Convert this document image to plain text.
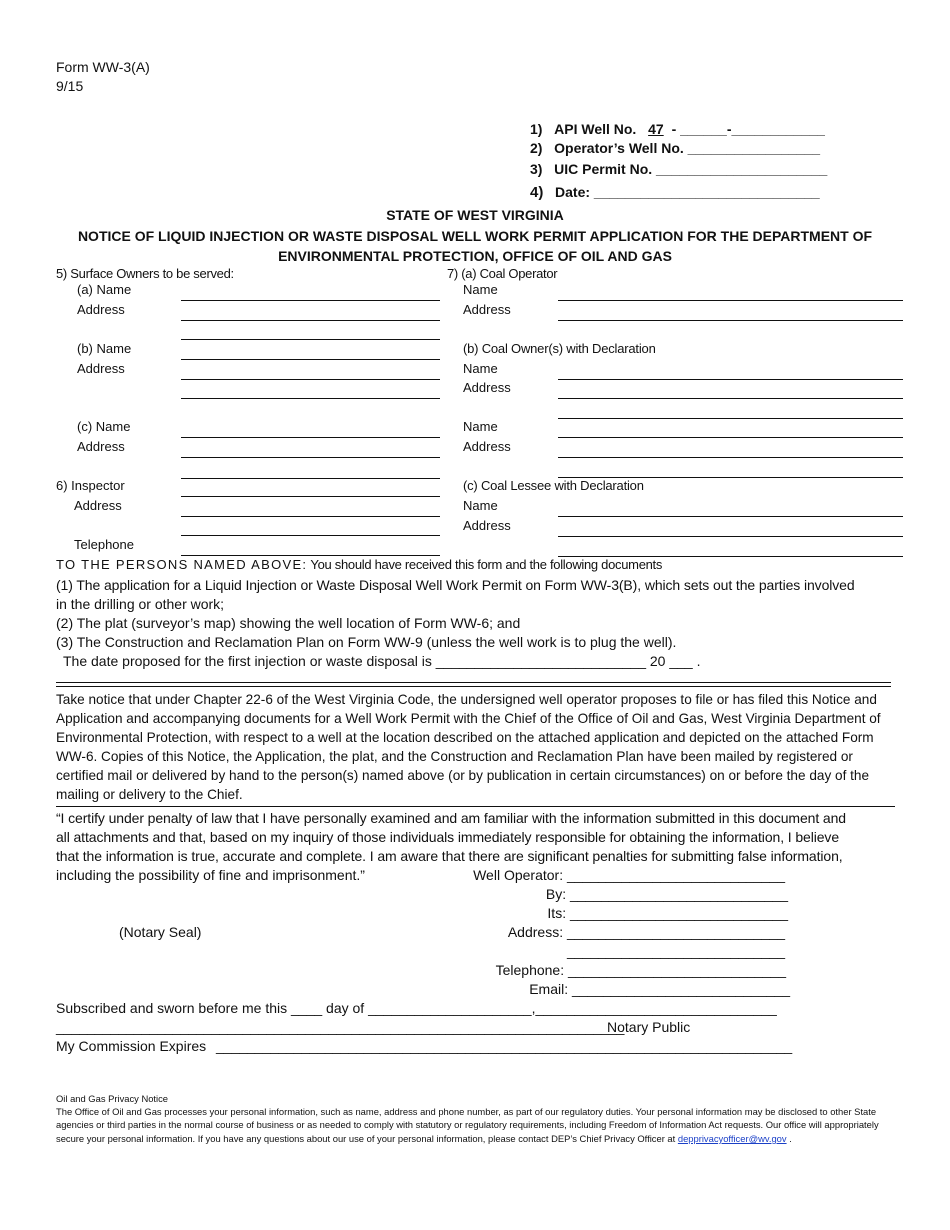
Form WW-3(A)
9/15
1) API Well No. 47 - ______-____________
2) Operator’s Well No. _________________
3) UIC Permit No. ______________________
4) Date: _____________________________
STATE OF WEST VIRGINIA
NOTICE OF LIQUID INJECTION OR WASTE DISPOSAL WELL WORK PERMIT APPLICATION FOR THE DEPARTMENT OF
ENVIRONMENTAL PROTECTION, OFFICE OF OIL AND GAS
5) Surface Owners to be served:
(a) Name
Address
(b) Name
Address
(c) Name
Address
6) Inspector
Address
Telephone
7) (a) Coal Operator
Name
Address
(b) Coal Owner(s) with Declaration
Name
Address
Name
Address
(c) Coal Lessee with Declaration
Name
Address
TO THE PERSONS NAMED ABOVE: You should have received this form and the following documents
(1) The application for a Liquid Injection or Waste Disposal Well Work Permit on Form WW-3(B), which sets out the parties involved
in the drilling or other work;
(2) The plat (surveyor’s map) showing the well location of Form WW-6; and
(3) The Construction and Reclamation Plan on Form WW-9 (unless the well work is to plug the well).
The date proposed for the first injection or waste disposal is ___________________________ 20 ___ .
Take notice that under Chapter 22-6 of the West Virginia Code, the undersigned well operator proposes to file or has filed this Notice and Application and accompanying documents for a Well Work Permit with the Chief of the Office of Oil and Gas, West Virginia Department of Environmental Protection, with respect to a well at the location described on the attached application and depicted on the attached Form WW-6. Copies of this Notice, the Application, the plat, and the Construction and Reclamation Plan have been mailed by registered or certified mail or delivered by hand to the person(s) named above (or by publication in certain circumstances) on or before the day of the mailing or delivery to the Chief.
“I certify under penalty of law that I have personally examined and am familiar with the information submitted in this document and
all attachments and that, based on my inquiry of those individuals immediately responsible for obtaining the information, I believe
that the information is true, accurate and complete. I am aware that there are significant penalties for submitting false information,
including the possibility of fine and imprisonment.”	Well Operator: ____________________________
By: ____________________________
Its: ____________________________
(Notary Seal)	Address: ____________________________
____________________________
Telephone: ____________________________
Email: ____________________________
Subscribed and sworn before me this ____ day of _____________________,_______________________________
_________________________________________________________________________
Notary Public
My Commission Expires __________________________________________________________________________
Oil and Gas Privacy Notice
The Office of Oil and Gas processes your personal information, such as name, address and phone number, as part of our regulatory duties. Your personal information may be disclosed to other State agencies or third parties in the normal course of business or as needed to comply with statutory or regulatory requirements, including Freedom of Information Act requests. Our office will appropriately secure your personal information. If you have any questions about our use of your personal information, please contact DEP’s Chief Privacy Officer at depprivacyofficer@wv.gov .
